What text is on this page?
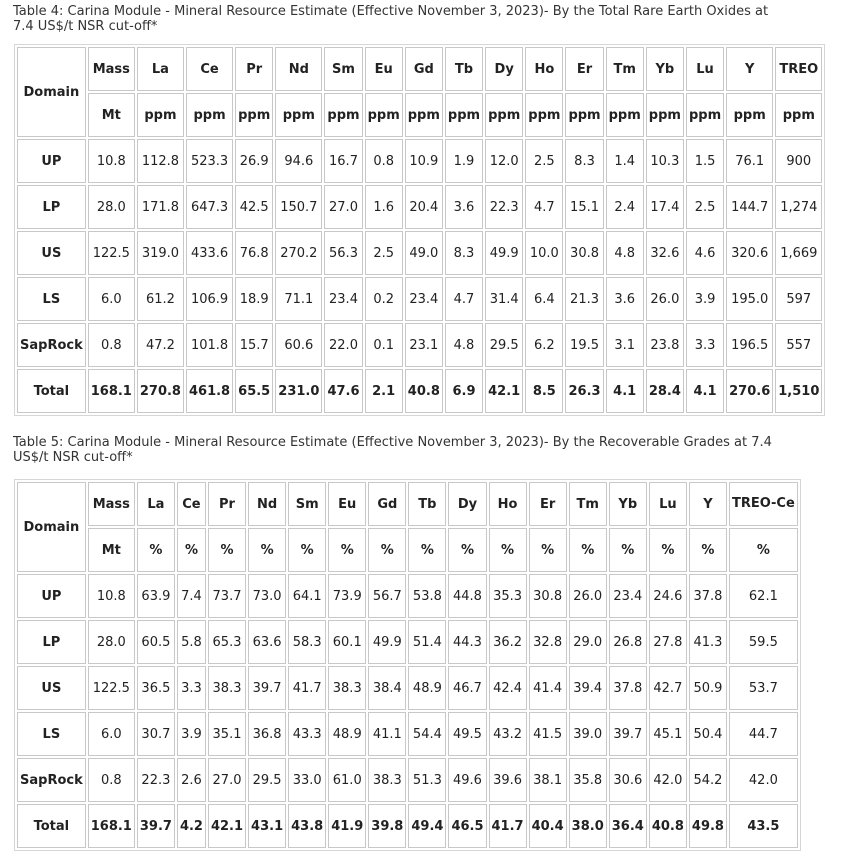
Table 4: Carina Module - Mineral Resource Estimate (Effective November 3, 2023)- By the Total Rare Earth Oxides at 7.4 US$/t NSR cut-off*
Domain	Mass	La	Ce	Pr	Nd	Sm	Eu	Gd	Tb	Dy	Ho	Er	Tm	Yb	Lu	Y	TREO
	Mt	ppm	ppm	ppm	ppm	ppm	ppm	ppm	ppm	ppm	ppm	ppm	ppm	ppm	ppm	ppm	ppm
UP	10.8	112.8	523.3	26.9	94.6	16.7	0.8	10.9	1.9	12.0	2.5	8.3	1.4	10.3	1.5	76.1	900
LP	28.0	171.8	647.3	42.5	150.7	27.0	1.6	20.4	3.6	22.3	4.7	15.1	2.4	17.4	2.5	144.7	1,274
US	122.5	319.0	433.6	76.8	270.2	56.3	2.5	49.0	8.3	49.9	10.0	30.8	4.8	32.6	4.6	320.6	1,669
LS	6.0	61.2	106.9	18.9	71.1	23.4	0.2	23.4	4.7	31.4	6.4	21.3	3.6	26.0	3.9	195.0	597
SapRock	0.8	47.2	101.8	15.7	60.6	22.0	0.1	23.1	4.8	29.5	6.2	19.5	3.1	23.8	3.3	196.5	557
Total	168.1	270.8	461.8	65.5	231.0	47.6	2.1	40.8	6.9	42.1	8.5	26.3	4.1	28.4	4.1	270.6	1,510
Table 5: Carina Module - Mineral Resource Estimate (Effective November 3, 2023)- By the Recoverable Grades at 7.4 US$/t NSR cut-off*
Domain	Mass	La	Ce	Pr	Nd	Sm	Eu	Gd	Tb	Dy	Ho	Er	Tm	Yb	Lu	Y	TREO-Ce
	Mt	%	%	%	%	%	%	%	%	%	%	%	%	%	%	%	%
UP	10.8	63.9	7.4	73.7	73.0	64.1	73.9	56.7	53.8	44.8	35.3	30.8	26.0	23.4	24.6	37.8	62.1
LP	28.0	60.5	5.8	65.3	63.6	58.3	60.1	49.9	51.4	44.3	36.2	32.8	29.0	26.8	27.8	41.3	59.5
US	122.5	36.5	3.3	38.3	39.7	41.7	38.3	38.4	48.9	46.7	42.4	41.4	39.4	37.8	42.7	50.9	53.7
LS	6.0	30.7	3.9	35.1	36.8	43.3	48.9	41.1	54.4	49.5	43.2	41.5	39.0	39.7	45.1	50.4	44.7
SapRock	0.8	22.3	2.6	27.0	29.5	33.0	61.0	38.3	51.3	49.6	39.6	38.1	35.8	30.6	42.0	54.2	42.0
Total	168.1	39.7	4.2	42.1	43.1	43.8	41.9	39.8	49.4	46.5	41.7	40.4	38.0	36.4	40.8	49.8	43.5
